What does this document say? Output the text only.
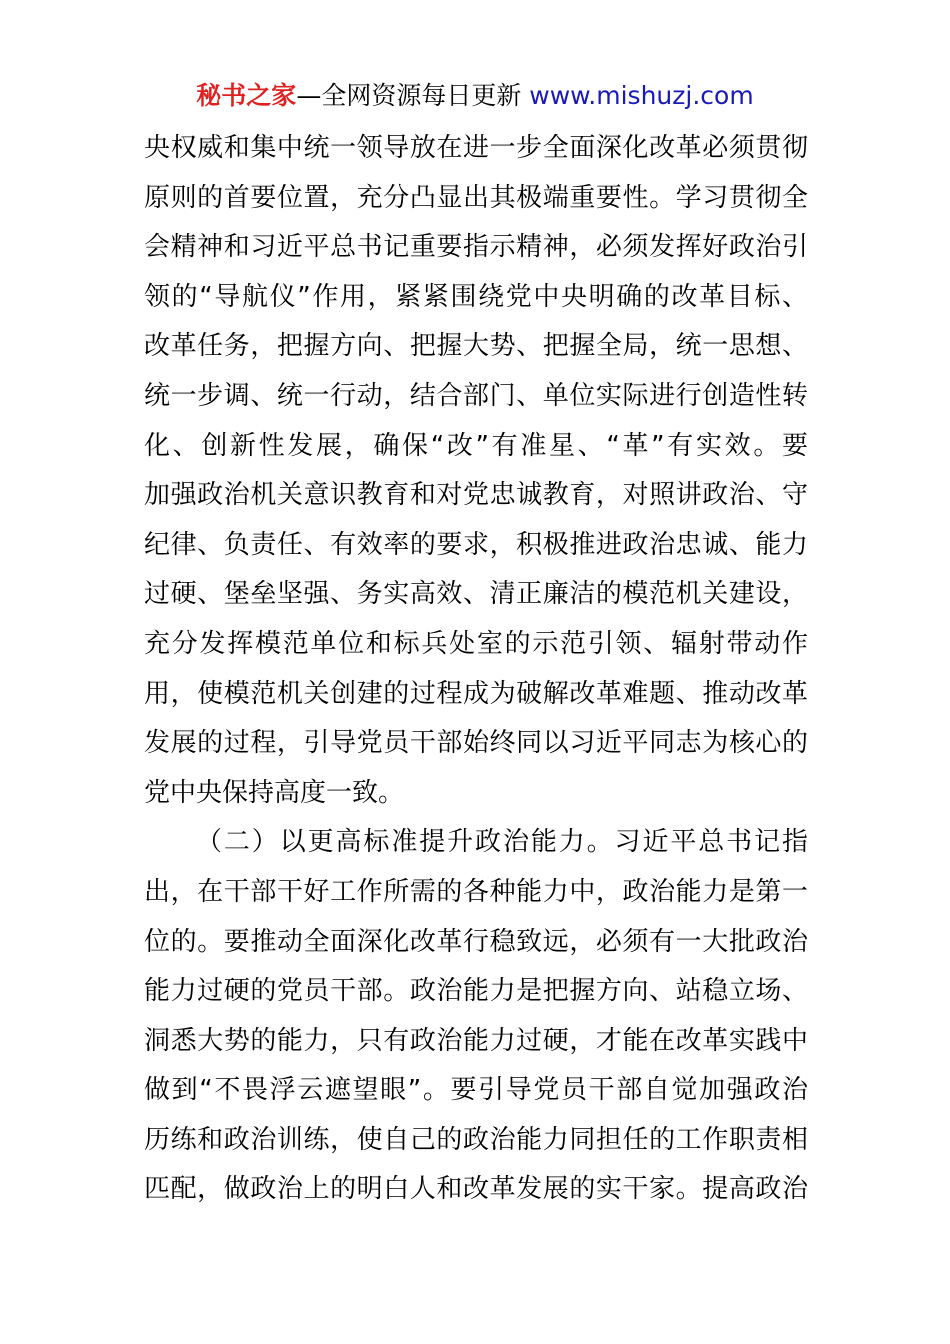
秘书之家—全网资源每日更新 www.mishuzj.com
央权威和集中统一领导放在进一步全面深化改革必须贯彻
原则的首要位置，充分凸显出其极端重要性。学习贯彻全
会精神和习近平总书记重要指示精神，必须发挥好政治引
领的“导航仪”作用，紧紧围绕党中央明确的改革目标、
改革任务，把握方向、把握大势、把握全局，统一思想、
统一步调、统一行动，结合部门、单位实际进行创造性转
化、创新性发展，确保“改”有准星、“革”有实效。要
加强政治机关意识教育和对党忠诚教育，对照讲政治、守
纪律、负责任、有效率的要求，积极推进政治忠诚、能力
过硬、堡垒坚强、务实高效、清正廉洁的模范机关建设，
充分发挥模范单位和标兵处室的示范引领、辐射带动作
用，使模范机关创建的过程成为破解改革难题、推动改革
发展的过程，引导党员干部始终同以习近平同志为核心的
党中央保持高度一致。
（二）以更高标准提升政治能力。习近平总书记指
出，在干部干好工作所需的各种能力中，政治能力是第一
位的。要推动全面深化改革行稳致远，必须有一大批政治
能力过硬的党员干部。政治能力是把握方向、站稳立场、
洞悉大势的能力，只有政治能力过硬，才能在改革实践中
做到“不畏浮云遮望眼”。要引导党员干部自觉加强政治
历练和政治训练，使自己的政治能力同担任的工作职责相
匹配，做政治上的明白人和改革发展的实干家。提高政治
